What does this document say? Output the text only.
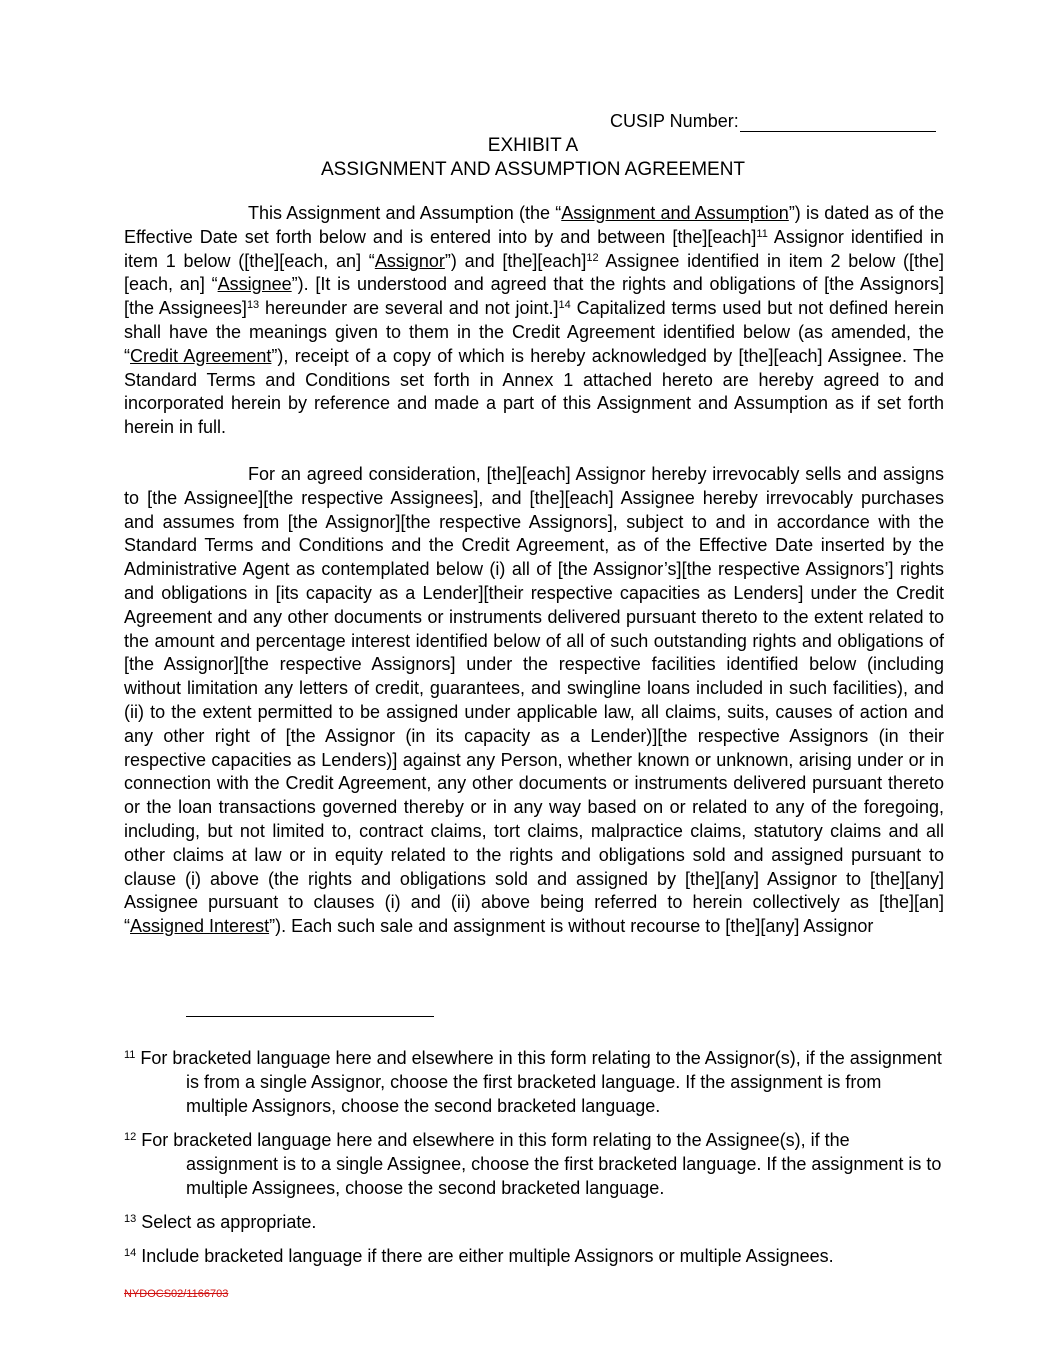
CUSIP Number:
EXHIBIT A
ASSIGNMENT AND ASSUMPTION AGREEMENT
This Assignment and Assumption (the “Assignment and Assumption”) is dated as of the Effective Date set forth below and is entered into by and between [the][each]$^{11}$ Assignor identified in item 1 below ([the][each, an] “Assignor”) and [the][each]$^{12}$ Assignee identified in item 2 below ([the][each, an] “Assignee”). [It is understood and agreed that the rights and obligations of [the Assignors][the Assignees]$^{13}$ hereunder are several and not joint.]$^{14}$ Capitalized terms used but not defined herein shall have the meanings given to them in the Credit Agreement identified below (as amended, the “Credit Agreement”), receipt of a copy of which is hereby acknowledged by [the][each] Assignee. The Standard Terms and Conditions set forth in Annex 1 attached hereto are hereby agreed to and incorporated herein by reference and made a part of this Assignment and Assumption as if set forth herein in full.
For an agreed consideration, [the][each] Assignor hereby irrevocably sells and assigns to [the Assignee][the respective Assignees], and [the][each] Assignee hereby irrevocably purchases and assumes from [the Assignor][the respective Assignors], subject to and in accordance with the Standard Terms and Conditions and the Credit Agreement, as of the Effective Date inserted by the Administrative Agent as contemplated below (i) all of [the Assignor’s][the respective Assignors’] rights and obligations in [its capacity as a Lender][their respective capacities as Lenders] under the Credit Agreement and any other documents or instruments delivered pursuant thereto to the extent related to the amount and percentage interest identified below of all of such outstanding rights and obligations of [the Assignor][the respective Assignors] under the respective facilities identified below (including without limitation any letters of credit, guarantees, and swingline loans included in such facilities), and (ii) to the extent permitted to be assigned under applicable law, all claims, suits, causes of action and any other right of [the Assignor (in its capacity as a Lender)][the respective Assignors (in their respective capacities as Lenders)] against any Person, whether known or unknown, arising under or in connection with the Credit Agreement, any other documents or instruments delivered pursuant thereto or the loan transactions governed thereby or in any way based on or related to any of the foregoing, including, but not limited to, contract claims, tort claims, malpractice claims, statutory claims and all other claims at law or in equity related to the rights and obligations sold and assigned pursuant to clause (i) above (the rights and obligations sold and assigned by [the][any] Assignor to [the][any] Assignee pursuant to clauses (i) and (ii) above being referred to herein collectively as [the][an] “Assigned Interest”). Each such sale and assignment is without recourse to [the][any] Assignor
$^{11}$ For bracketed language here and elsewhere in this form relating to the Assignor(s), if the assignment is from a single Assignor, choose the first bracketed language. If the assignment is from multiple Assignors, choose the second bracketed language.
$^{12}$ For bracketed language here and elsewhere in this form relating to the Assignee(s), if the assignment is to a single Assignee, choose the first bracketed language. If the assignment is to multiple Assignees, choose the second bracketed language.
$^{13}$ Select as appropriate.
$^{14}$ Include bracketed language if there are either multiple Assignors or multiple Assignees.
NYDOCS02/1166703
